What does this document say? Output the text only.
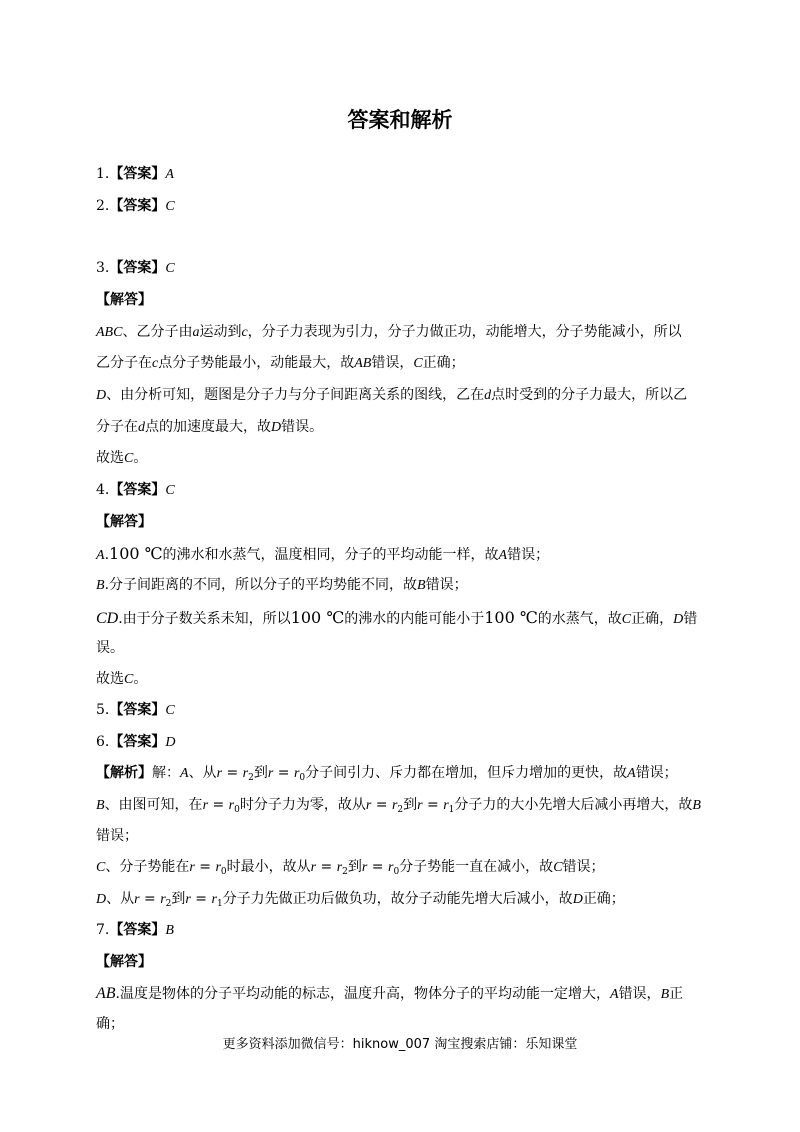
答案和解析
1.【答案】A
2.【答案】C
3.【答案】C
【解答】
ABC、乙分子由a运动到c，分子力表现为引力，分子力做正功，动能增大，分子势能减小，所以
乙分子在c点分子势能最小，动能最大，故AB错误，C正确；
D、由分析可知，题图是分子力与分子间距离关系的图线，乙在d点时受到的分子力最大，所以乙
分子在d点的加速度最大，故D错误。
故选C。
4.【答案】C
【解答】
A.100 ℃的沸水和水蒸气，温度相同，分子的平均动能一样，故A错误；
B.分子间距离的不同，所以分子的平均势能不同，故B错误；
CD.由于分子数关系未知，所以100 ℃的沸水的内能可能小于100 ℃的水蒸气，故C正确，D错
误。
故选C。
5.【答案】C
6.【答案】D
【解析】解：A、从$r = r_2$到$r = r_0$分子间引力、斥力都在增加，但斥力增加的更快，故A错误；
B、由图可知，在$r = r_0$时分子力为零，故从$r = r_2$到$r = r_1$分子力的大小先增大后减小再增大，故B
错误；
C、分子势能在$r = r_0$时最小，故从$r = r_2$到$r = r_0$分子势能一直在减小，故C错误；
D、从$r = r_2$到$r = r_1$分子力先做正功后做负功，故分子动能先增大后减小，故D正确；
7.【答案】B
【解答】
AB.温度是物体的分子平均动能的标志，温度升高，物体分子的平均动能一定增大，A错误，B正
确；
更多资料添加微信号：hiknow_007 淘宝搜索店铺：乐知课堂
